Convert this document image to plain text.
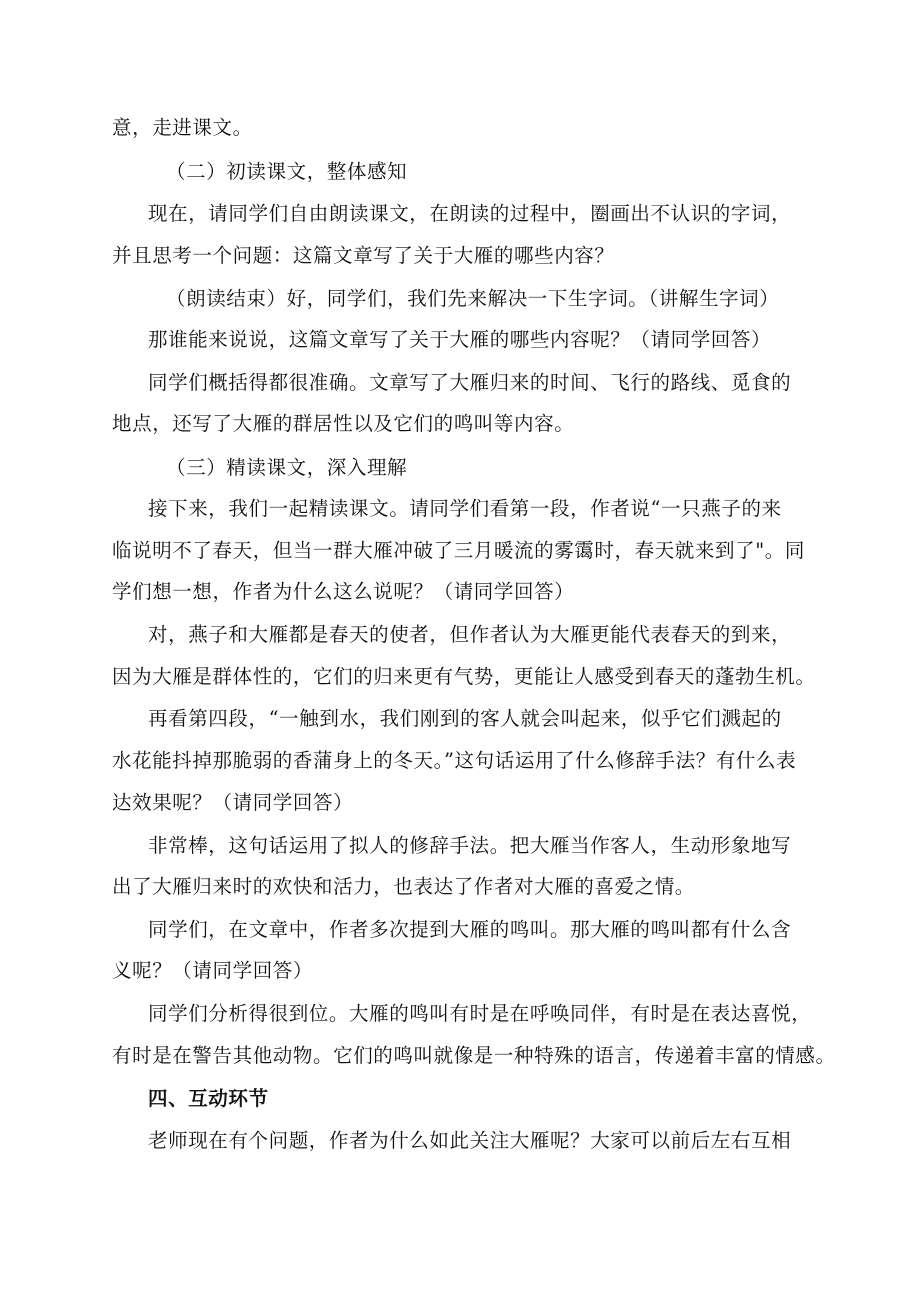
意，走进课文。
（二）初读课文，整体感知
现在，请同学们自由朗读课文，在朗读的过程中，圈画出不认识的字词，
并且思考一个问题：这篇文章写了关于大雁的哪些内容？
（朗读结束）好，同学们，我们先来解决一下生字词。（讲解生字词）
那谁能来说说，这篇文章写了关于大雁的哪些内容呢？（请同学回答）
同学们概括得都很准确。文章写了大雁归来的时间、飞行的路线、觅食的
地点，还写了大雁的群居性以及它们的鸣叫等内容。
（三）精读课文，深入理解
接下来，我们一起精读课文。请同学们看第一段，作者说“一只燕子的来
临说明不了春天，但当一群大雁冲破了三月暖流的雾霭时，春天就来到了"。同
学们想一想，作者为什么这么说呢？（请同学回答）
对，燕子和大雁都是春天的使者，但作者认为大雁更能代表春天的到来，
因为大雁是群体性的，它们的归来更有气势，更能让人感受到春天的蓬勃生机。
再看第四段，“一触到水，我们刚到的客人就会叫起来，似乎它们溅起的
水花能抖掉那脆弱的香蒲身上的冬天。”这句话运用了什么修辞手法？有什么表
达效果呢？（请同学回答）
非常棒，这句话运用了拟人的修辞手法。把大雁当作客人，生动形象地写
出了大雁归来时的欢快和活力，也表达了作者对大雁的喜爱之情。
同学们，在文章中，作者多次提到大雁的鸣叫。那大雁的鸣叫都有什么含
义呢？（请同学回答）
同学们分析得很到位。大雁的鸣叫有时是在呼唤同伴，有时是在表达喜悦，
有时是在警告其他动物。它们的鸣叫就像是一种特殊的语言，传递着丰富的情感。
四、互动环节
老师现在有个问题，作者为什么如此关注大雁呢？大家可以前后左右互相
